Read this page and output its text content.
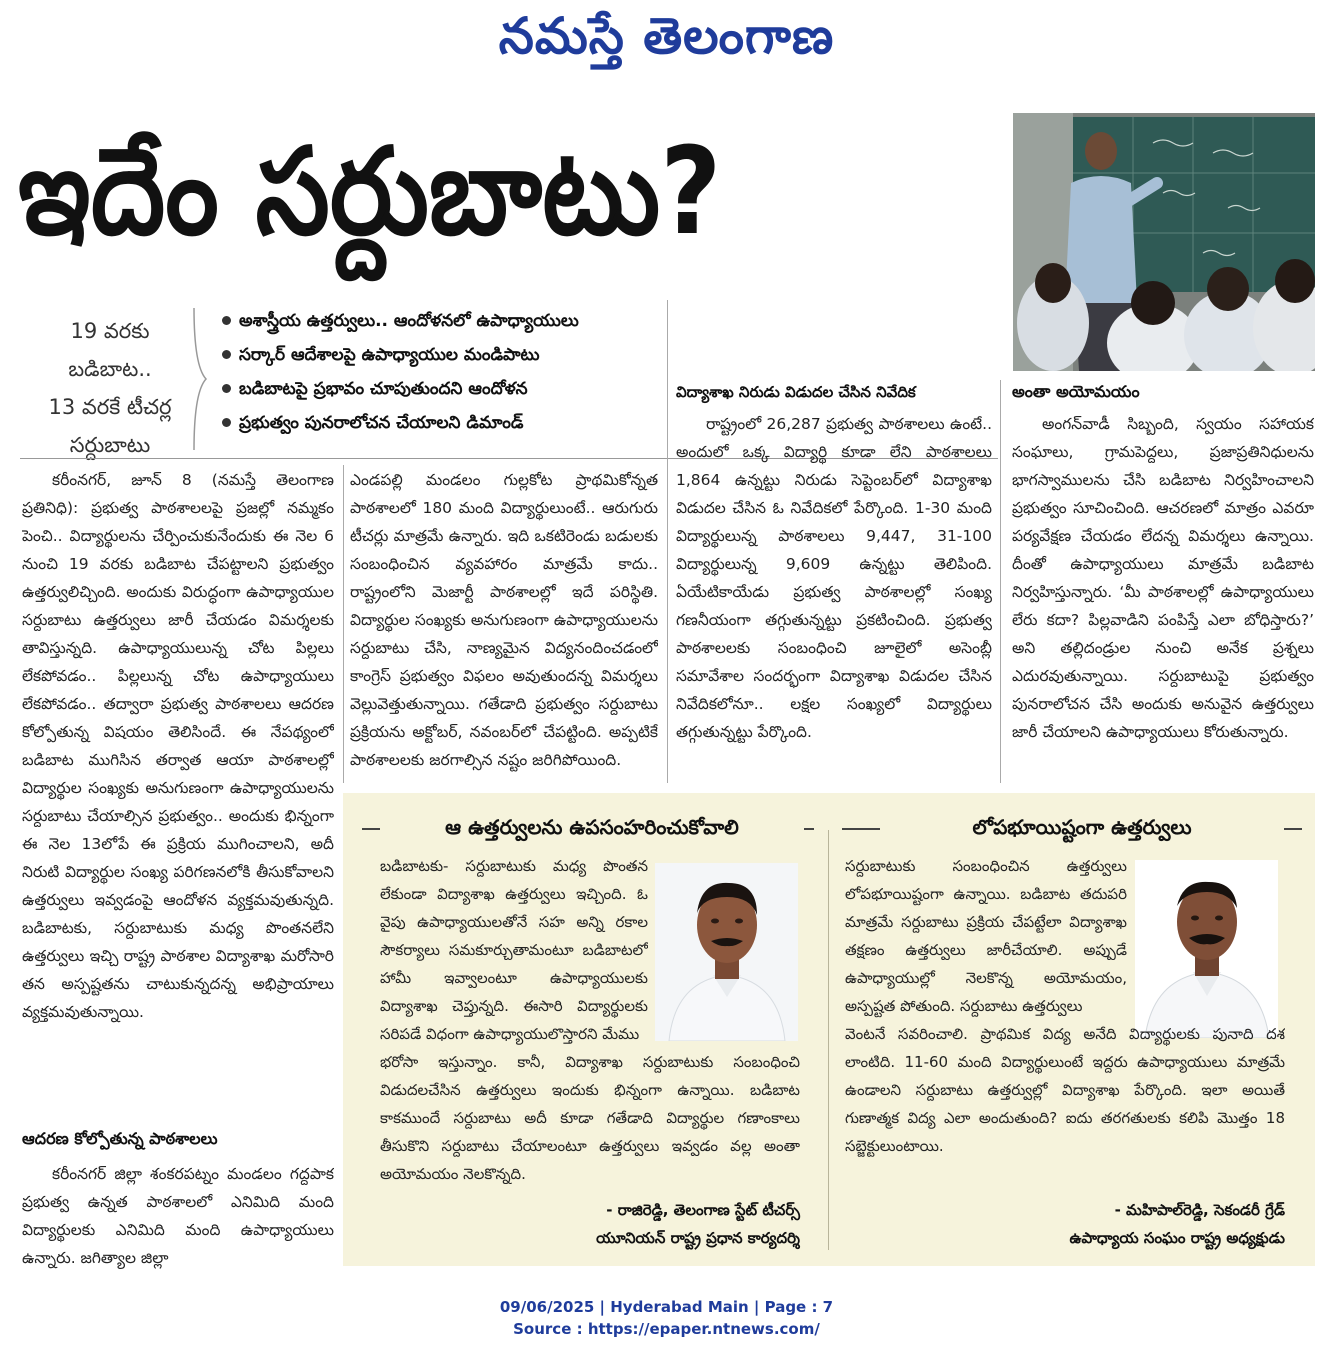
నమస్తే తెలంగాణ
ఇదేం సర్దుబాటు?
19 వరకు
బడిబాట..
13 వరకే టీచర్ల
సర్దుబాటు
అశాస్త్రీయ ఉత్తర్వులు.. ఆందోళనలో ఉపాధ్యాయులు
సర్కార్ ఆదేశాలపై ఉపాధ్యాయుల మండిపాటు
బడిబాటపై ప్రభావం చూపుతుందని ఆందోళన
ప్రభుత్వం పునరాలోచన చేయాలని డిమాండ్

కరీంనగర్, జూన్ 8 (నమస్తే తెలంగాణ ప్రతినిధి): ప్రభుత్వ పాఠశాలలపై ప్రజల్లో నమ్మకం పెంచి.. విద్యార్థులను చేర్పించుకునేందుకు ఈ నెల 6 నుంచి 19 వరకు బడిబాట చేపట్టాలని ప్రభుత్వం ఉత్తర్వులిచ్చింది. అందుకు విరుద్ధంగా ఉపాధ్యాయుల సర్దుబాటు ఉత్తర్వులు జారీ చేయడం విమర్శలకు తావిస్తున్నది. ఉపాధ్యాయులున్న చోట పిల్లలు లేకపోవడం.. పిల్లలున్న చోట ఉపాధ్యాయులు లేకపోవడం.. తద్వారా ప్రభుత్వ పాఠశాలలు ఆదరణ కోల్పోతున్న విషయం తెలిసిందే. ఈ నేపథ్యంలో బడిబాట ముగిసిన తర్వాత ఆయా పాఠశాలల్లో విద్యార్థుల సంఖ్యకు అనుగుణంగా ఉపాధ్యాయులను సర్దుబాటు చేయాల్సిన ప్రభుత్వం.. అందుకు భిన్నంగా ఈ నెల 13లోపే ఈ ప్రక్రియ ముగించాలని, అదీ నిరుటి విద్యార్థుల సంఖ్య పరిగణనలోకి తీసుకోవాలని ఉత్తర్వులు ఇవ్వడంపై ఆందోళన వ్యక్తమవుతున్నది. బడిబాటకు, సర్దుబాటుకు మధ్య పొంతనలేని ఉత్తర్వులు ఇచ్చి రాష్ట్ర పాఠశాల విద్యాశాఖ మరోసారి తన అస్పష్టతను చాటుకున్నదన్న అభిప్రాయాలు వ్యక్తమవుతున్నాయి.

ఆదరణ కోల్పోతున్న పాఠశాలలు

కరీంనగర్ జిల్లా శంకరపట్నం మండలం గద్దపాక ప్రభుత్వ ఉన్నత పాఠశాలలో ఎనిమిది మంది విద్యార్థులకు ఎనిమిది మంది ఉపాధ్యాయులు ఉన్నారు. జగిత్యాల జిల్లా

ఎండపల్లి మండలం గుల్లకోట ప్రాథమికోన్నత పాఠశాలలో 180 మంది విద్యార్థులుంటే.. ఆరుగురు టీచర్లు మాత్రమే ఉన్నారు. ఇది ఒకటిరెండు బడులకు సంబంధించిన వ్యవహారం మాత్రమే కాదు.. రాష్ట్రంలోని మెజార్టీ పాఠశాలల్లో ఇదే పరిస్థితి. విద్యార్థుల సంఖ్యకు అనుగుణంగా ఉపాధ్యాయులను సర్దుబాటు చేసి, నాణ్యమైన విద్యనందించడంలో కాంగ్రెస్ ప్రభుత్వం విఫలం అవుతుందన్న విమర్శలు వెల్లువెత్తుతున్నాయి. గతేడాది ప్రభుత్వం సర్దుబాటు ప్రక్రియను అక్టోబర్, నవంబర్‌లో చేపట్టింది. అప్పటికే పాఠశాలలకు జరగాల్సిన నష్టం జరిగిపోయింది.

విద్యాశాఖ నిరుడు విడుదల చేసిన నివేదిక

రాష్ట్రంలో 26,287 ప్రభుత్వ పాఠశాలలు ఉంటే.. అందులో ఒక్క విద్యార్థి కూడా లేని పాఠశాలలు 1,864 ఉన్నట్టు నిరుడు సెప్టెంబర్‌లో విద్యాశాఖ విడుదల చేసిన ఓ నివేదికలో పేర్కొంది. 1-30 మంది విద్యార్థులున్న పాఠశాలలు 9,447, 31-100 విద్యార్థులున్న 9,609 ఉన్నట్టు తెలిపింది. ఏయేటికాయేడు ప్రభుత్వ పాఠశాలల్లో సంఖ్య గణనీయంగా తగ్గుతున్నట్టు ప్రకటించింది. ప్రభుత్వ పాఠశాలలకు సంబంధించి జూలైలో అసెంబ్లీ సమావేశాల సందర్భంగా విద్యాశాఖ విడుదల చేసిన నివేదికలోనూ.. లక్షల సంఖ్యలో విద్యార్థులు తగ్గుతున్నట్టు పేర్కొంది.

అంతా అయోమయం

అంగన్‌వాడీ సిబ్బంది, స్వయం సహాయక సంఘాలు, గ్రామపెద్దలు, ప్రజాప్రతినిధులను భాగస్వాములను చేసి బడిబాట నిర్వహించాలని ప్రభుత్వం సూచించింది. ఆచరణలో మాత్రం ఎవరూ పర్యవేక్షణ చేయడం లేదన్న విమర్శలు ఉన్నాయి. దీంతో ఉపాధ్యాయులు మాత్రమే బడిబాట నిర్వహిస్తున్నారు. ‘మీ పాఠశాలల్లో ఉపాధ్యాయులు లేరు కదా? పిల్లవాడిని పంపిస్తే ఎలా బోధిస్తారు?’ అని తల్లిదండ్రుల నుంచి అనేక ప్రశ్నలు ఎదురవుతున్నాయి. సర్దుబాటుపై ప్రభుత్వం పునరాలోచన చేసి అందుకు అనువైన ఉత్తర్వులు జారీ చేయాలని ఉపాధ్యాయులు కోరుతున్నారు.

ఆ ఉత్తర్వులను ఉపసంహరించుకోవాలి
బడిబాటకు- సర్దుబాటుకు మధ్య పొంతన లేకుండా విద్యాశాఖ ఉత్తర్వులు ఇచ్చింది. ఓ వైపు ఉపాధ్యాయులతోనే సహ అన్ని రకాల సౌకర్యాలు సమకూర్చుతామంటూ బడిబాటలో హామీ ఇవ్వాలంటూ ఉపాధ్యాయులకు విద్యాశాఖ చెప్తున్నది. ఈసారి విద్యార్థులకు సరిపడే విధంగా ఉపాధ్యాయులొస్తారని మేము
భరోసా ఇస్తున్నాం. కానీ, విద్యాశాఖ సర్దుబాటుకు సంబంధించి విడుదలచేసిన ఉత్తర్వులు ఇందుకు భిన్నంగా ఉన్నాయి. బడిబాట కాకముందే సర్దుబాటు అదీ కూడా గతేడాది విద్యార్థుల గణాంకాలు తీసుకొని సర్దుబాటు చేయాలంటూ ఉత్తర్వులు ఇవ్వడం వల్ల అంతా అయోమయం నెలకొన్నది.
- రాజిరెడ్డి, తెలంగాణ స్టేట్ టీచర్స్
యూనియన్ రాష్ట్ర ప్రధాన కార్యదర్శి
లోపభూయిష్టంగా ఉత్తర్వులు
సర్దుబాటుకు సంబంధించిన ఉత్తర్వులు లోపభూయిష్టంగా ఉన్నాయి. బడిబాట తదుపరి మాత్రమే సర్దుబాటు ప్రక్రియ చేపట్టేలా విద్యాశాఖ తక్షణం ఉత్తర్వులు జారీచేయాలి. అప్పుడే ఉపాధ్యాయుల్లో నెలకొన్న అయోమయం, అస్పష్టత పోతుంది. సర్దుబాటు ఉత్తర్వులు
వెంటనే సవరించాలి. ప్రాథమిక విద్య అనేది విద్యార్థులకు పునాది దశ లాంటిది. 11-60 మంది విద్యార్థులుంటే ఇద్దరు ఉపాధ్యాయులు మాత్రమే ఉండాలని సర్దుబాటు ఉత్తర్వుల్లో విద్యాశాఖ పేర్కొంది. ఇలా అయితే గుణాత్మక విద్య ఎలా అందుతుంది? ఐదు తరగతులకు కలిపి మొత్తం 18 సబ్జెక్టులుంటాయి.
- మహిపాల్‌రెడ్డి, సెకండరీ గ్రేడ్
ఉపాధ్యాయ సంఘం రాష్ట్ర అధ్యక్షుడు
09/06/2025 | Hyderabad Main | Page : 7
Source : https://epaper.ntnews.com/
